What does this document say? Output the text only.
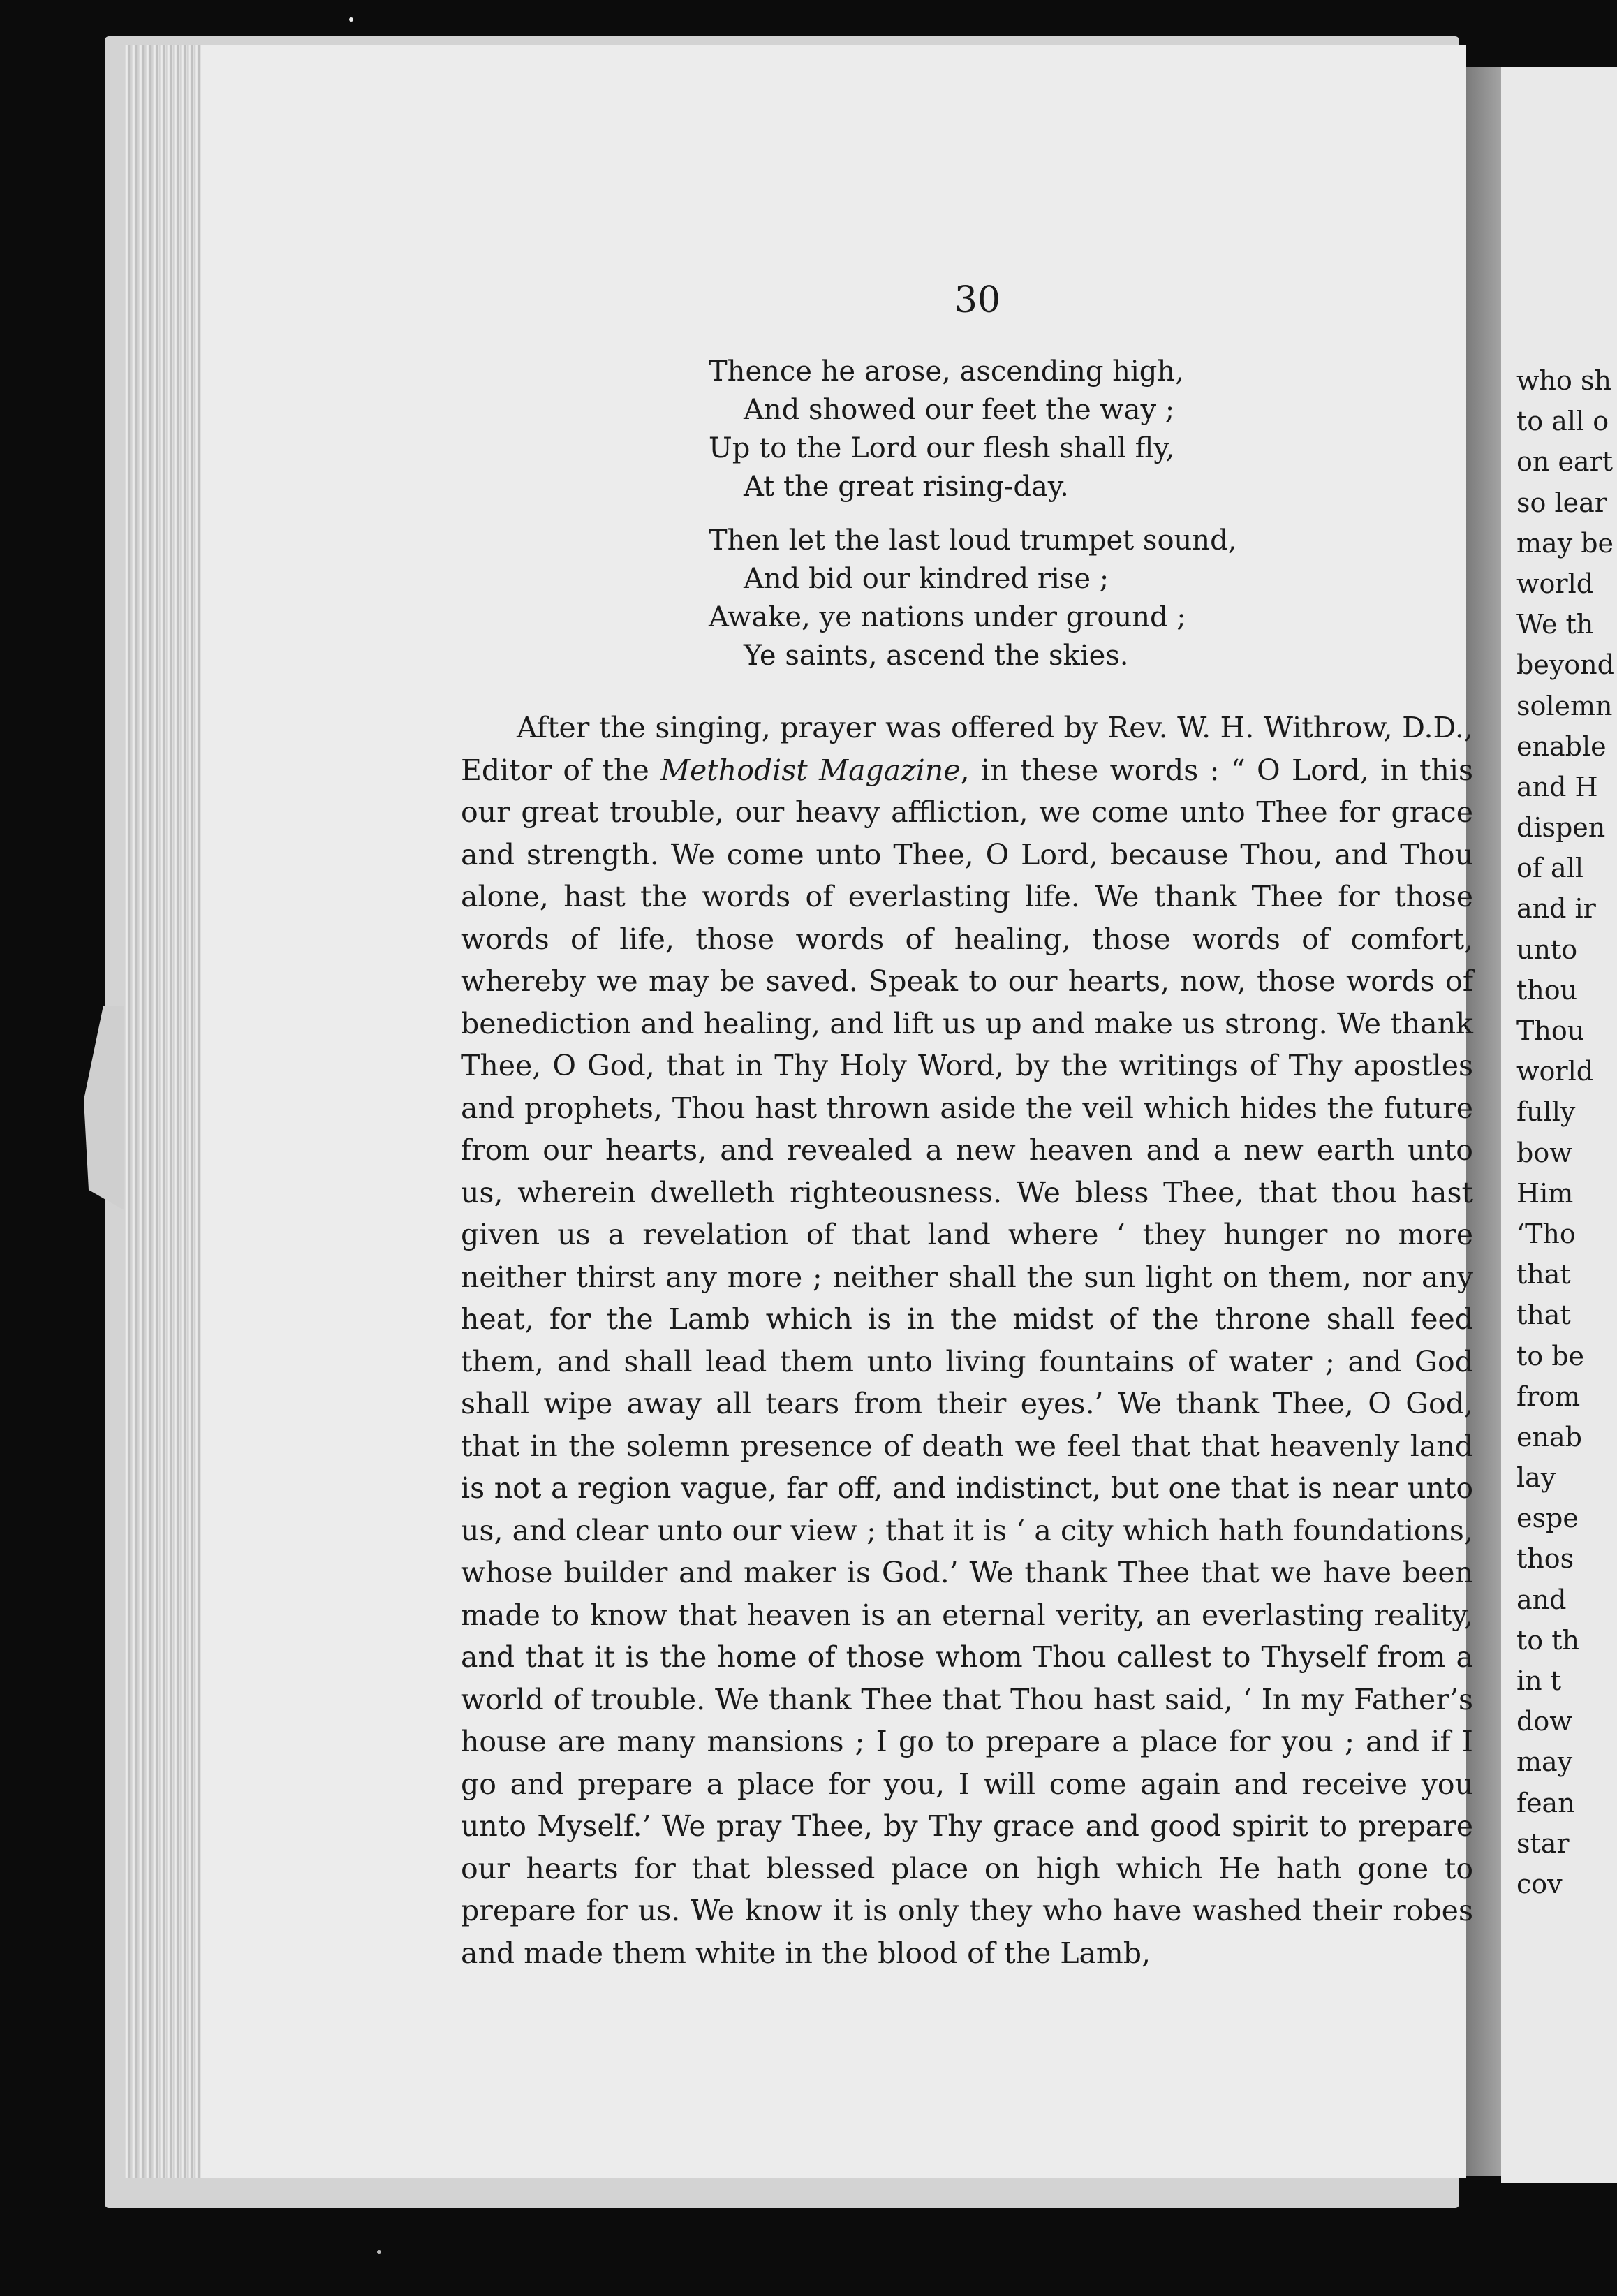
who sh
to all o
on eart
so lear
may be
world
We th
beyond
solemn
enable
and H
dispen
of all
and ir
unto
thou
Thou
world
fully
bow
Him
‘Tho
that
that
to be
from
enab
lay
espe
thos
and
to th
in t
dow
may
fean
star
cov
30
Thence he arose, ascending high,
And showed our feet the way ;
Up to the Lord our flesh shall fly,
At the great rising-day.
Then let the last loud trumpet sound,
And bid our kindred rise ;
Awake, ye nations under ground ;
Ye saints, ascend the skies.

After the singing, prayer was offered by Rev. W. H. Withrow, D.D., Editor of the Methodist Magazine, in these words : “ O Lord, in this our great trouble, our heavy affliction, we come unto Thee for grace and strength. We come unto Thee, O Lord, because Thou, and Thou alone, hast the words of everlasting life. We thank Thee for those words of life, those words of healing, those words of comfort, whereby we may be saved. Speak to our hearts, now, those words of benediction and healing, and lift us up and make us strong. We thank Thee, O God, that in Thy Holy Word, by the writings of Thy apostles and prophets, Thou hast thrown aside the veil which hides the future from our hearts, and revealed a new heaven and a new earth unto us, wherein dwelleth righteousness. We bless Thee, that thou hast given us a revelation of that land where ‘ they hunger no more neither thirst any more ; neither shall the sun light on them, nor any heat, for the Lamb which is in the midst of the throne shall feed them, and shall lead them unto living fountains of water ; and God shall wipe away all tears from their eyes.’ We thank Thee, O God, that in the solemn presence of death we feel that that heavenly land is not a region vague, far off, and indistinct, but one that is near unto us, and clear unto our view ; that it is ‘ a city which hath foundations, whose builder and maker is God.’ We thank Thee that we have been made to know that heaven is an eternal verity, an everlasting reality, and that it is the home of those whom Thou callest to Thyself from a world of trouble. We thank Thee that Thou hast said, ‘ In my Father’s house are many mansions ; I go to prepare a place for you ; and if I go and prepare a place for you, I will come again and receive you unto Myself.’ We pray Thee, by Thy grace and good spirit to prepare our hearts for that blessed place on high which He hath gone to prepare for us. We know it is only they who have washed their robes and made them white in the blood of the Lamb,
